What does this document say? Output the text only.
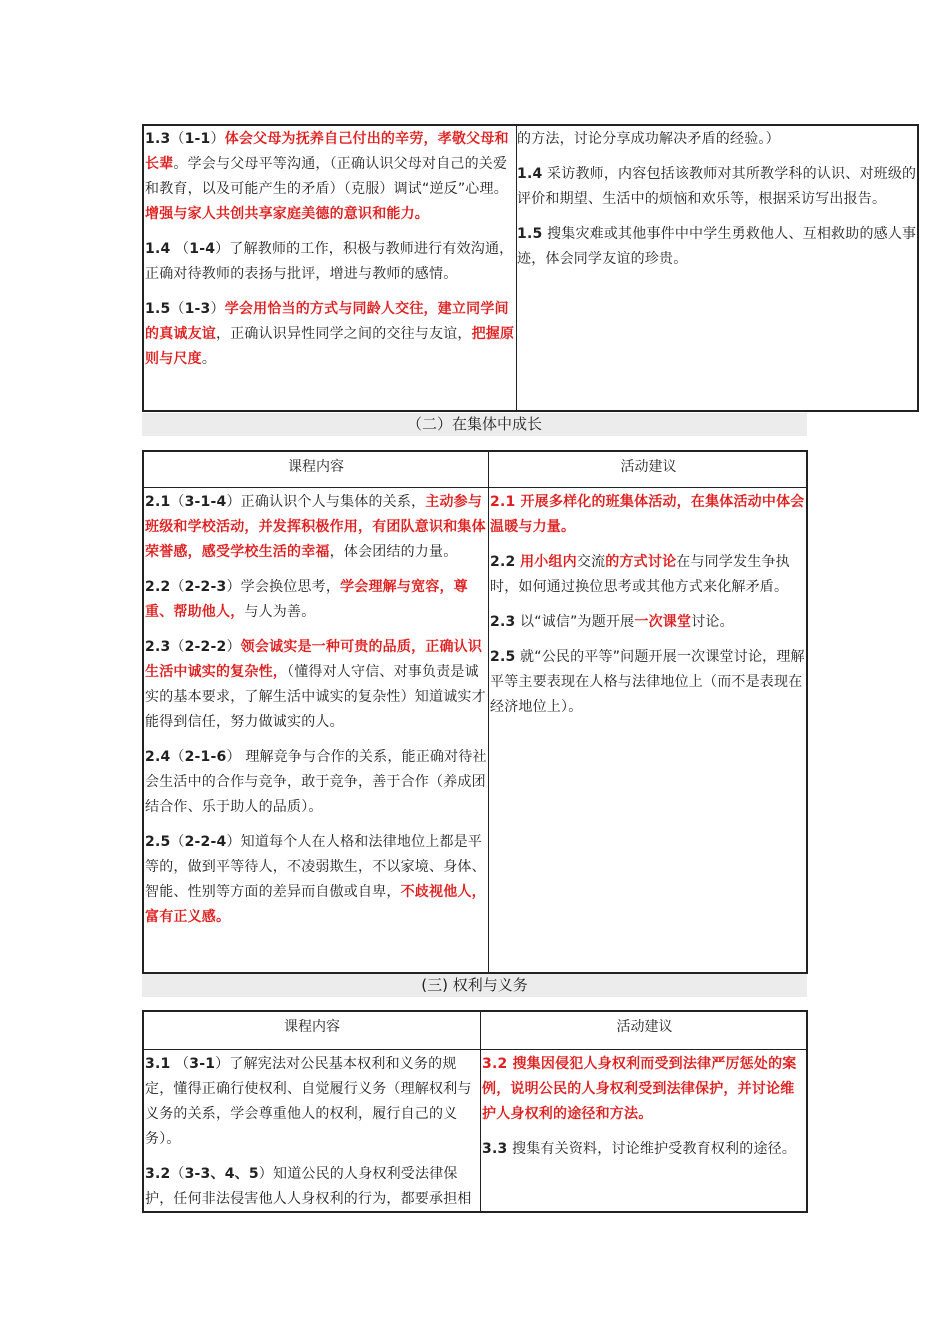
1.3（1-1）体会父母为抚养自己付出的辛劳，孝敬父母和长辈。学会与父母平等沟通，（正确认识父母对自己的关爱和教育，以及可能产生的矛盾）（克服）调试“逆反”心理。增强与家人共创共享家庭美德的意识和能力。

1.4 （1-4）了解教师的工作，积极与教师进行有效沟通，正确对待教师的表扬与批评，增进与教师的感情。

1.5（1-3）学会用恰当的方式与同龄人交往，建立同学间的真诚友谊，正确认识异性同学之间的交往与友谊，把握原则与尺度。

的方法，讨论分享成功解决矛盾的经验。）

1.4 采访教师，内容包括该教师对其所教学科的认识、对班级的评价和期望、生活中的烦恼和欢乐等，根据采访写出报告。

1.5 搜集灾难或其他事件中中学生勇救他人、互相救助的感人事迹，体会同学友谊的珍贵。

（二）在集体中成长
课程内容	活动建议

2.1（3-1-4）正确认识个人与集体的关系，主动参与班级和学校活动，并发挥积极作用，有团队意识和集体荣誉感，感受学校生活的幸福，体会团结的力量。

2.2（2-2-3）学会换位思考，学会理解与宽容，尊重、帮助他人，与人为善。

2.3（2-2-2）领会诚实是一种可贵的品质，正确认识生活中诚实的复杂性，（懂得对人守信、对事负责是诚实的基本要求，了解生活中诚实的复杂性）知道诚实才能得到信任，努力做诚实的人。

2.4（2-1-6） 理解竞争与合作的关系，能正确对待社会生活中的合作与竞争，敢于竞争，善于合作（养成团结合作、乐于助人的品质）。

2.5（2-2-4）知道每个人在人格和法律地位上都是平等的，做到平等待人，不凌弱欺生，不以家境、身体、智能、性别等方面的差异而自傲或自卑，不歧视他人，富有正义感。

2.1 开展多样化的班集体活动，在集体活动中体会温暖与力量。

2.2 用小组内交流的方式讨论在与同学发生争执时，如何通过换位思考或其他方式来化解矛盾。

2.3 以“诚信”为题开展一次课堂讨论。

2.5 就“公民的平等”问题开展一次课堂讨论，理解平等主要表现在人格与法律地位上（而不是表现在经济地位上）。

(三) 权利与义务
课程内容	活动建议

3.1 （3-1）了解宪法对公民基本权利和义务的规定，懂得正确行使权利、自觉履行义务（理解权利与义务的关系，学会尊重他人的权利，履行自己的义务）。

3.2（3-3、4、5）知道公民的人身权利受法律保护，任何非法侵害他人人身权利的行为，都要承担相

3.2 搜集因侵犯人身权利而受到法律严厉惩处的案例，说明公民的人身权利受到法律保护，并讨论维护人身权利的途径和方法。

3.3 搜集有关资料，讨论维护受教育权利的途径。
